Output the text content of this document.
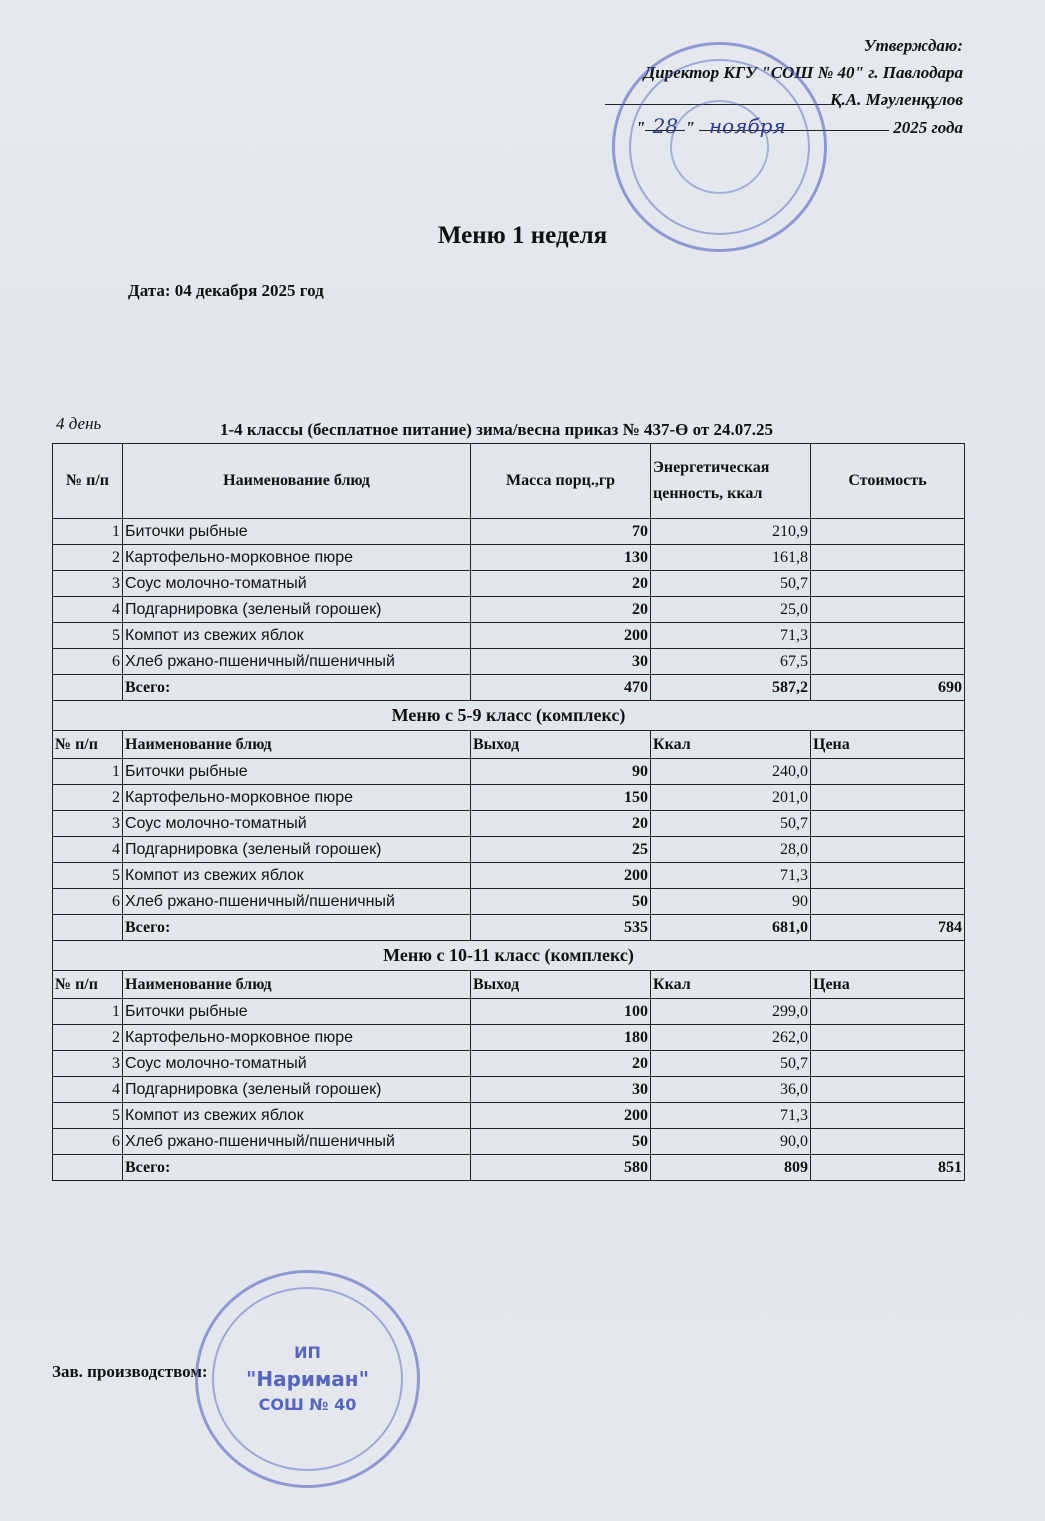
Утверждаю:
Директор КГУ "СОШ № 40" г. Павлодара
Қ.А. Мәуленқұлов
" 28 " ноября	2025 года
Меню 1 неделя
Дата: 04 декабря 2025 год
4 день	1-4 классы (бесплатное питание) зима/весна приказ № 437-Ө от 24.07.25
№ п/п	Наименование блюд	Масса порц.,гр	Энергетическая ценность, ккал	Стоимость
1	Биточки рыбные	70	210,9	
2	Картофельно-морковное пюре	130	161,8	
3	Соус молочно-томатный	20	50,7	
4	Подгарнировка (зеленый горошек)	20	25,0	
5	Компот из свежих яблок	200	71,3	
6	Хлеб ржано-пшеничный/пшеничный	30	67,5	
	Всего:	470	587,2	690
Меню с 5-9 класс (комплекс)				
№ п/п	Наименование блюд	Выход	Ккал	Цена
1	Биточки рыбные	90	240,0	
2	Картофельно-морковное пюре	150	201,0	
3	Соус молочно-томатный	20	50,7	
4	Подгарнировка (зеленый горошек)	25	28,0	
5	Компот из свежих яблок	200	71,3	
6	Хлеб ржано-пшеничный/пшеничный	50	90	
	Всего:	535	681,0	784
Меню с 10-11 класс (комплекс)				
№ п/п	Наименование блюд	Выход	Ккал	Цена
1	Биточки рыбные	100	299,0	
2	Картофельно-морковное пюре	180	262,0	
3	Соус молочно-томатный	20	50,7	
4	Подгарнировка (зеленый горошек)	30	36,0	
5	Компот из свежих яблок	200	71,3	
6	Хлеб ржано-пшеничный/пшеничный	50	90,0	
	Всего:	580	809	851
Зав. производством:
ИП
"Нариман"
СОШ № 40
